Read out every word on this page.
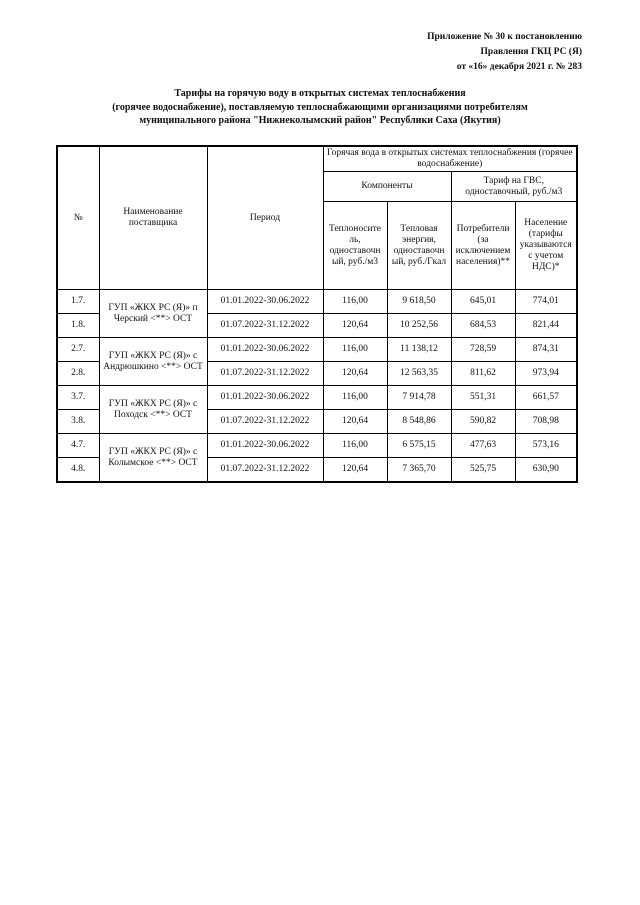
Приложение № 30 к постановлению
Правления ГКЦ РС (Я)
от «16» декабря 2021 г. № 283
Тарифы на горячую воду в открытых системах теплоснабжения
(горячее водоснабжение), поставляемую теплоснабжающими организациями потребителям
муниципального района "Нижнеколымский район" Республики Саха (Якутия)
№	Наименование поставщика	Период	Горячая вода в открытых системах теплоснабжения (горячее водоснабжение)			
			Компоненты		Тариф на ГВС, одноставочный, руб./м3	
			Теплоносите ль, одноставочн ый, руб./м3	Тепловая энергия, одноставочн ый, руб./Гкал	Потребители (за исключением населения)**	Население (тарифы указываются с учетом НДС)*
1.7.	ГУП «ЖКХ РС (Я)» п Черский <**> ОСТ	01.01.2022-30.06.2022	116,00	9 618,50	645,01	774,01
1.8.		01.07.2022-31.12.2022	120,64	10 252,56	684,53	821,44
2.7.	ГУП «ЖКХ РС (Я)» с Андрюшкино <**> ОСТ	01.01.2022-30.06.2022	116,00	11 138,12	728,59	874,31
2.8.		01.07.2022-31.12.2022	120,64	12 563,35	811,62	973,94
3.7.	ГУП «ЖКХ РС (Я)» с Походск <**> ОСТ	01.01.2022-30.06.2022	116,00	7 914,78	551,31	661,57
3.8.		01.07.2022-31.12.2022	120,64	8 548,86	590,82	708,98
4.7.	ГУП «ЖКХ РС (Я)» с Колымское <**> ОСТ	01.01.2022-30.06.2022	116,00	6 575,15	477,63	573,16
4.8.		01.07.2022-31.12.2022	120,64	7 365,70	525,75	630,90
